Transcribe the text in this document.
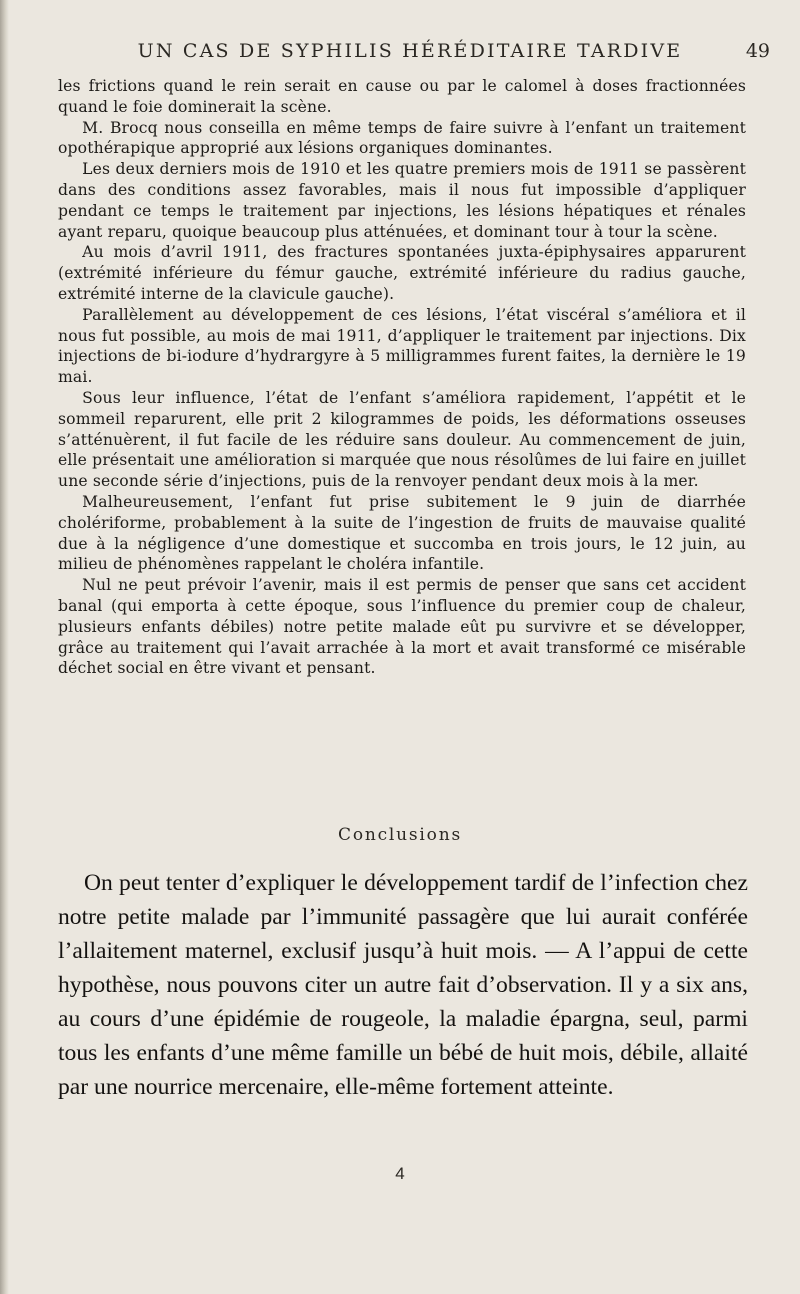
UN CAS DE SYPHILIS HÉRÉDITAIRE TARDIVE	49

les frictions quand le rein serait en cause ou par le calomel à doses fractionnées quand le foie dominerait la scène.

M. Brocq nous conseilla en même temps de faire suivre à l’enfant un traitement opothérapique approprié aux lésions organiques dominantes.

Les deux derniers mois de 1910 et les quatre premiers mois de 1911 se passèrent dans des conditions assez favorables, mais il nous fut impossible d’appliquer pendant ce temps le traitement par injections, les lésions hépatiques et rénales ayant reparu, quoique beaucoup plus atténuées, et dominant tour à tour la scène.

Au mois d’avril 1911, des fractures spontanées juxta-épiphysaires apparurent (extrémité inférieure du fémur gauche, extrémité inférieure du radius gauche, extrémité interne de la clavicule gauche).

Parallèlement au développement de ces lésions, l’état viscéral s’améliora et il nous fut possible, au mois de mai 1911, d’appliquer le traitement par injections. Dix injections de bi-iodure d’hydrargyre à 5 milligrammes furent faites, la dernière le 19 mai.

Sous leur influence, l’état de l’enfant s’améliora rapidement, l’appétit et le sommeil reparurent, elle prit 2 kilogrammes de poids, les déformations osseuses s’atténuèrent, il fut facile de les réduire sans douleur. Au commencement de juin, elle présentait une amélioration si marquée que nous résolûmes de lui faire en juillet une seconde série d’injections, puis de la renvoyer pendant deux mois à la mer.

Malheureusement, l’enfant fut prise subitement le 9 juin de diarrhée cholériforme, probablement à la suite de l’ingestion de fruits de mauvaise qualité due à la négligence d’une domestique et succomba en trois jours, le 12 juin, au milieu de phénomènes rappelant le choléra infantile.

Nul ne peut prévoir l’avenir, mais il est permis de penser que sans cet accident banal (qui emporta à cette époque, sous l’influence du premier coup de chaleur, plusieurs enfants débiles) notre petite malade eût pu survivre et se développer, grâce au traitement qui l’avait arrachée à la mort et avait transformé ce misérable déchet social en être vivant et pensant.

Conclusions

On peut tenter d’expliquer le développement tardif de l’infection chez notre petite malade par l’immunité passagère que lui aurait conférée l’allaitement maternel, exclusif jusqu’à huit mois. — A l’appui de cette hypothèse, nous pouvons citer un autre fait d’observation. Il y a six ans, au cours d’une épidémie de rougeole, la maladie épargna, seul, parmi tous les enfants d’une même famille un bébé de huit mois, débile, allaité par une nourrice mercenaire, elle-même fortement atteinte.

4
